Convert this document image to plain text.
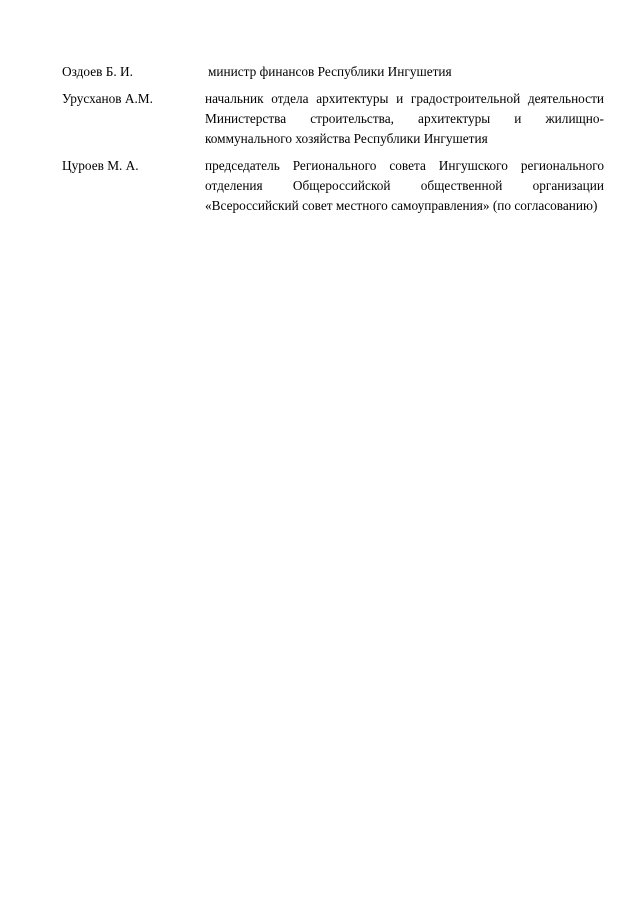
Оздоев Б. И.	министр финансов Республики Ингушетия
Урусханов А.М.	начальник отдела архитектуры и градостроительной деятельности Министерства строительства, архитектуры и жилищно-коммунального хозяйства Республики Ингушетия
Цуроев М. А.	председатель Регионального совета Ингушского регионального отделения Общероссийской общественной организации «Всероссийский совет местного самоуправления» (по согласованию)
